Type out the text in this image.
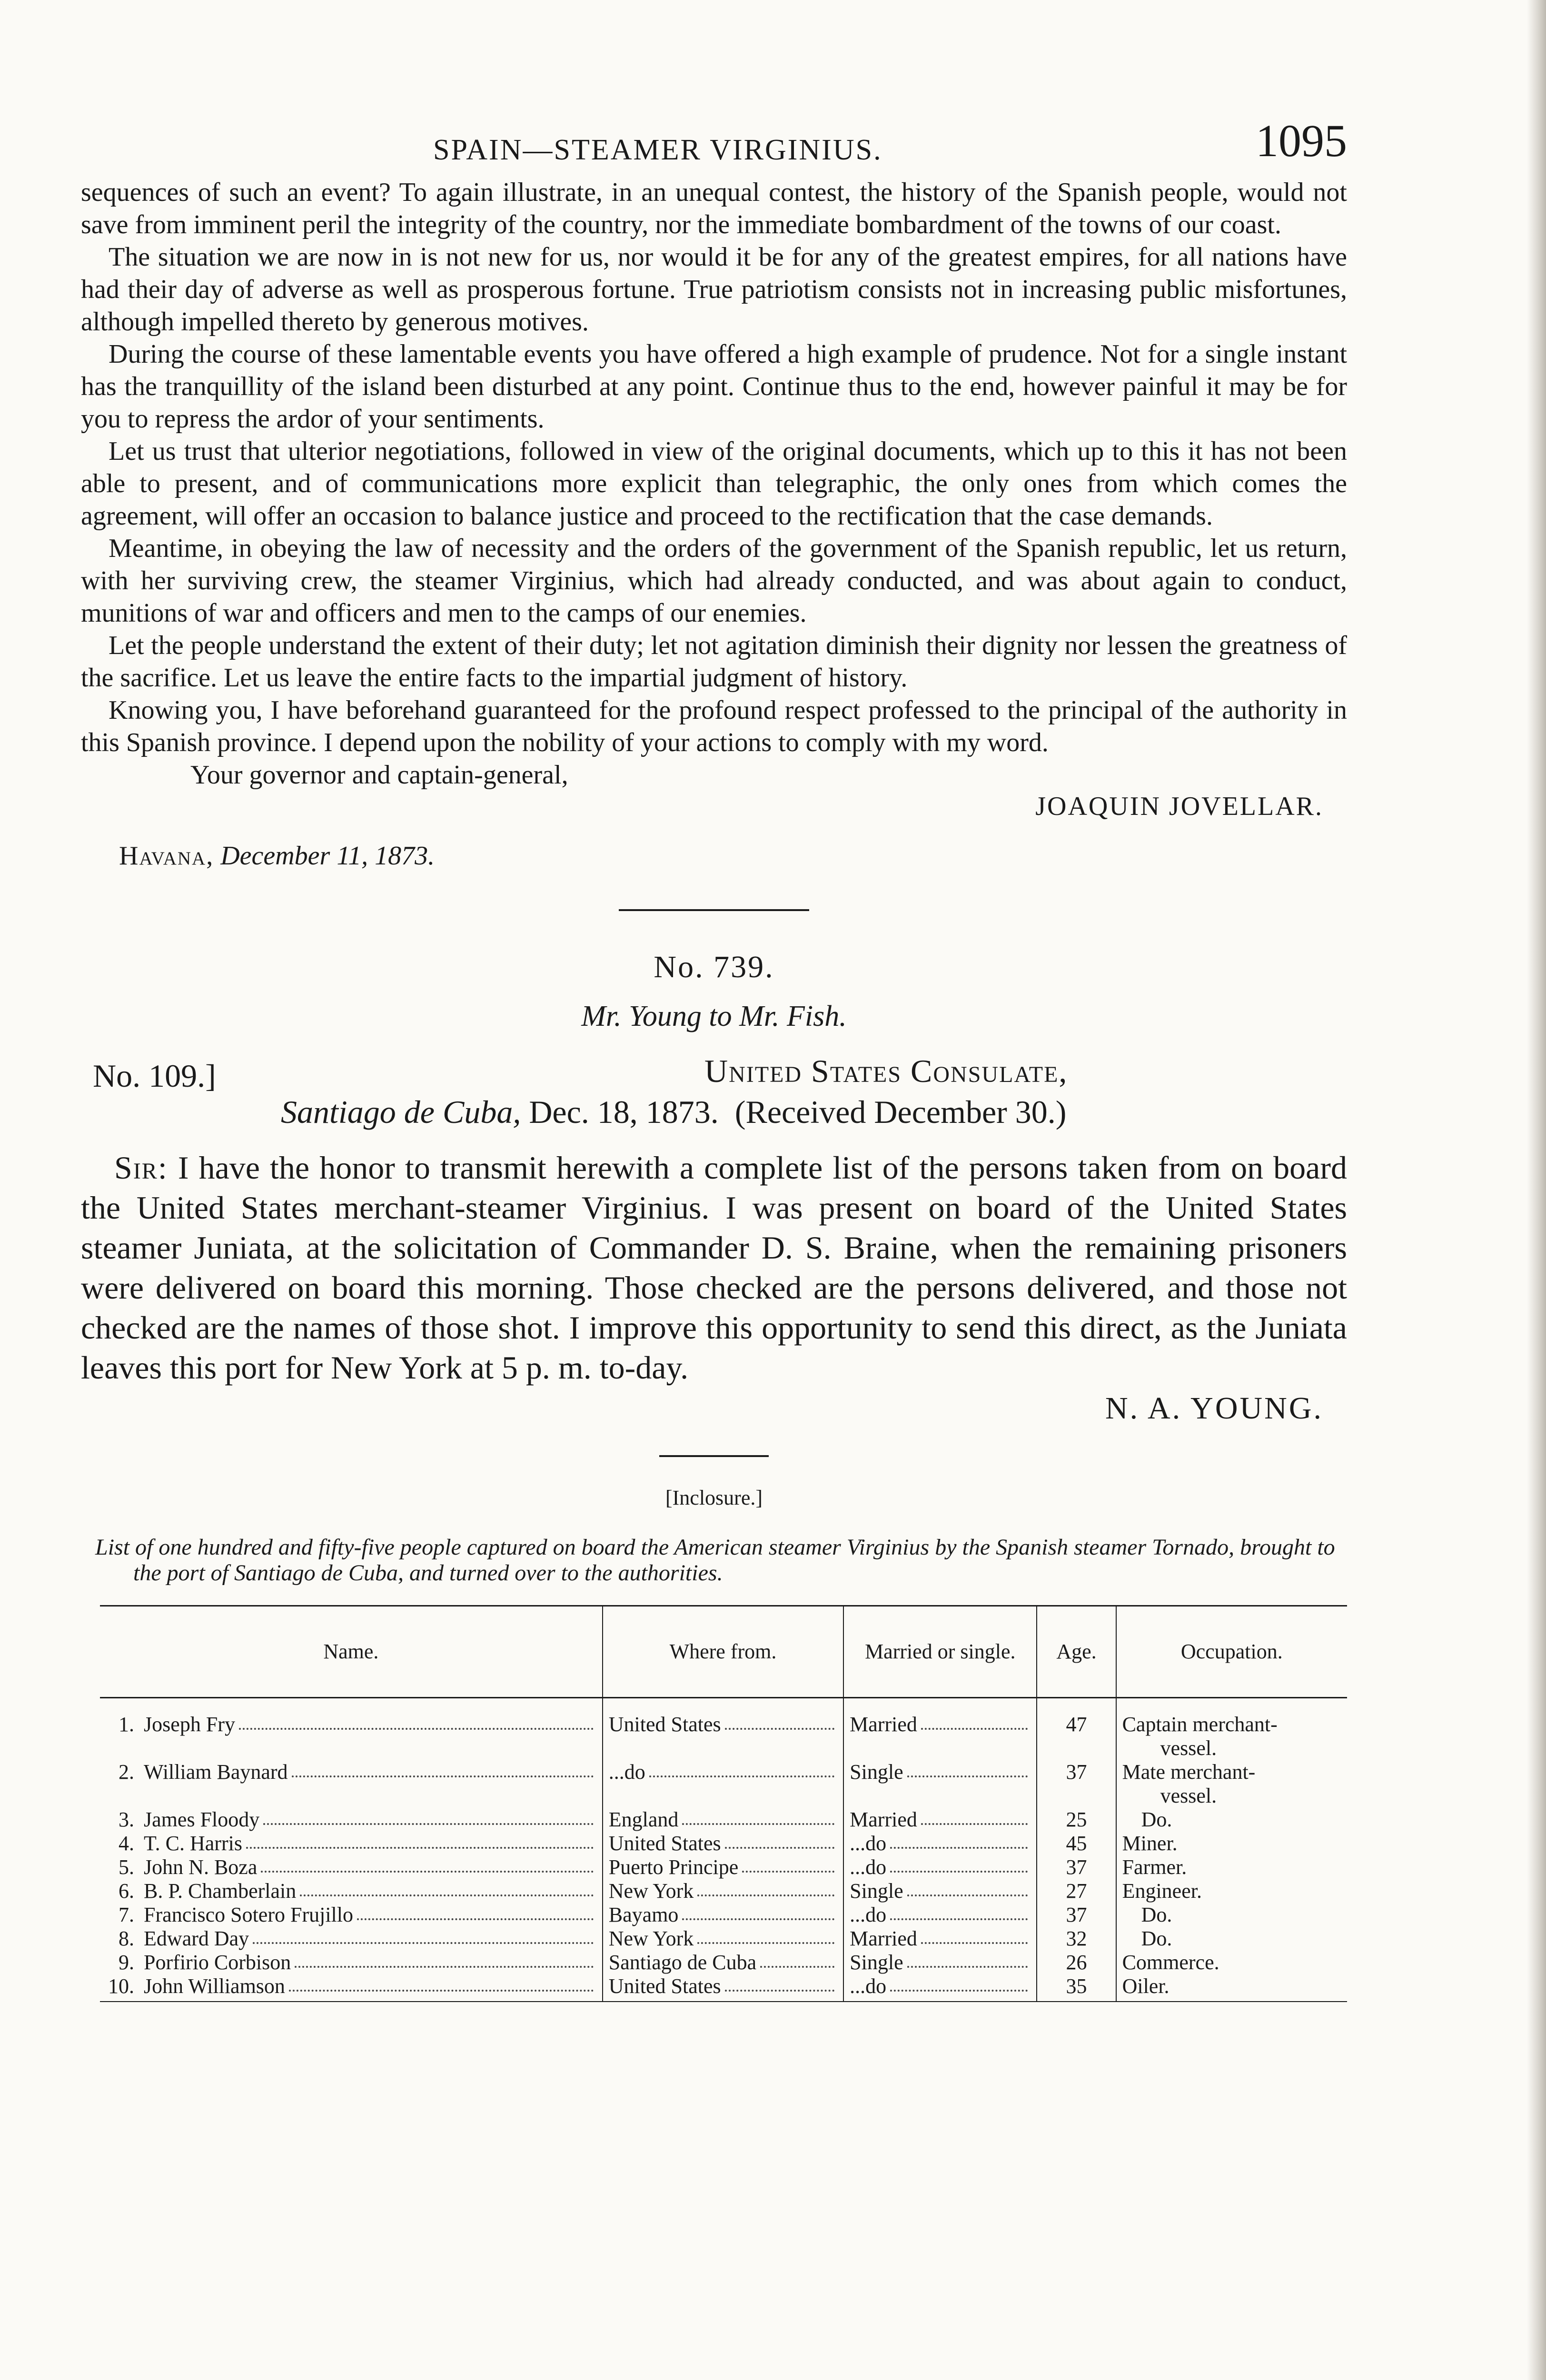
SPAIN—STEAMER VIRGINIUS.	1095

sequences of such an event? To again illustrate, in an unequal contest, the history of the Spanish people, would not save from imminent peril the integrity of the country, nor the immediate bombardment of the towns of our coast.

The situation we are now in is not new for us, nor would it be for any of the greatest empires, for all nations have had their day of adverse as well as prosperous fortune. True patriotism consists not in increasing public misfortunes, although impelled thereto by generous motives.

During the course of these lamentable events you have offered a high example of prudence. Not for a single instant has the tranquillity of the island been disturbed at any point. Continue thus to the end, however painful it may be for you to repress the ardor of your sentiments.

Let us trust that ulterior negotiations, followed in view of the original documents, which up to this it has not been able to present, and of communications more explicit than telegraphic, the only ones from which comes the agreement, will offer an occasion to balance justice and proceed to the rectification that the case demands.

Meantime, in obeying the law of necessity and the orders of the government of the Spanish republic, let us return, with her surviving crew, the steamer Virginius, which had already conducted, and was about again to conduct, munitions of war and officers and men to the camps of our enemies.

Let the people understand the extent of their duty; let not agitation diminish their dignity nor lessen the greatness of the sacrifice. Let us leave the entire facts to the impartial judgment of history.

Knowing you, I have beforehand guaranteed for the profound respect professed to the principal of the authority in this Spanish province. I depend upon the nobility of your actions to comply with my word.

Your governor and captain-general,
JOAQUIN JOVELLAR.
Havana, December 11, 1873.
No. 739.
Mr. Young to Mr. Fish.
No. 109.]	United States Consulate,
Santiago de Cuba, Dec. 18, 1873. (Received December 30.)

Sir: I have the honor to transmit herewith a complete list of the persons taken from on board the United States merchant-steamer Virginius. I was present on board of the United States steamer Juniata, at the solicitation of Commander D. S. Braine, when the remaining prisoners were delivered on board this morning. Those checked are the persons delivered, and those not checked are the names of those shot. I improve this opportunity to send this direct, as the Juniata leaves this port for New York at 5 p. m. to-day.

N. A. YOUNG.
[Inclosure.]
List of one hundred and fifty-five people captured on board the American steamer Virginius by the Spanish steamer Tornado, brought to the port of Santiago de Cuba, and turned over to the authorities.
Name.		Where from.	Married or single.	Age.	Occupation.
1.	Joseph Fry	United States	Married	47	Captain merchant-
vessel.

2.	William Baynard	...do	Single	37	Mate merchant-
vessel.

3.	James Floody	England	Married	25	Do.

4.	T. C. Harris	United States	...do	45	Miner.

5.	John N. Boza	Puerto Principe	...do	37	Farmer.

6.	B. P. Chamberlain	New York	Single	27	Engineer.

7.	Francisco Sotero Frujillo	Bayamo	...do	37	Do.

8.	Edward Day	New York	Married	32	Do.

9.	Porfirio Corbison	Santiago de Cuba	Single	26	Commerce.

10.	John Williamson	United States	...do	35	Oiler.
